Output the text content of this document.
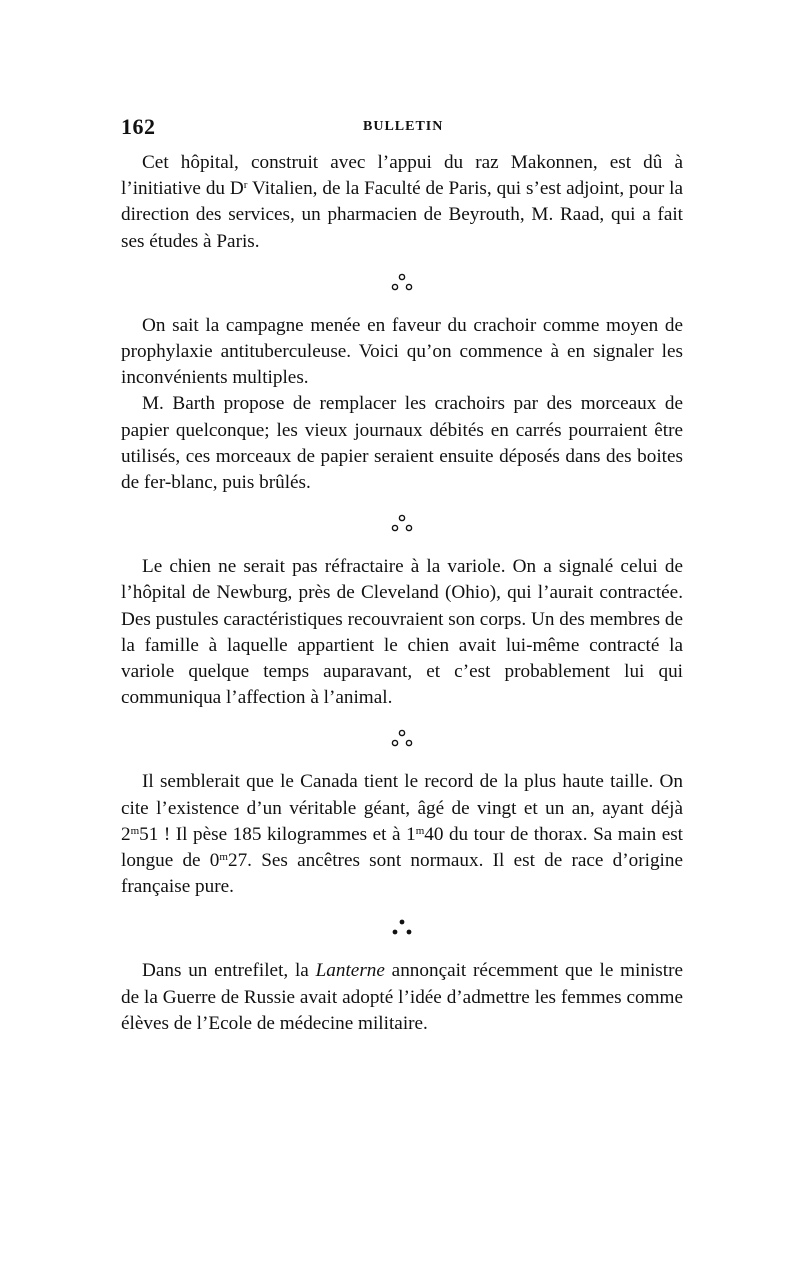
162	BULLETIN

Cet hôpital, construit avec l’appui du raz Makonnen, est dû à l’initiative du $D^r$ Vitalien, de la Faculté de Paris, qui s’est adjoint, pour la direction des services, un pharmacien de Beyrouth, M. Raad, qui a fait ses études à Paris.

On sait la campagne menée en faveur du crachoir comme moyen de prophylaxie antituberculeuse. Voici qu’on commence à en signaler les inconvénients multiples.

M. Barth propose de remplacer les crachoirs par des morceaux de papier quelconque; les vieux journaux débités en carrés pourraient être utilisés, ces morceaux de papier seraient ensuite déposés dans des boites de fer-blanc, puis brûlés.

Le chien ne serait pas réfractaire à la variole. On a signalé celui de l’hôpital de Newburg, près de Cleveland (Ohio), qui l’aurait contractée. Des pustules caractéristiques recouvraient son corps. Un des membres de la famille à laquelle appartient le chien avait lui-même contracté la variole quelque temps auparavant, et c’est probablement lui qui communiqua l’affection à l’animal.

Il semblerait que le Canada tient le record de la plus haute taille. On cite l’existence d’un véritable géant, âgé de vingt et un an, ayant déjà 2$^m$51 ! Il pèse 185 kilogrammes et à 1$^m$40 du tour de thorax. Sa main est longue de 0$^m$27. Ses ancêtres sont normaux. Il est de race d’origine française pure.

Dans un entrefilet, la Lanterne annonçait récemment que le ministre de la Guerre de Russie avait adopté l’idée d’admettre les femmes comme élèves de l’Ecole de médecine militaire.
